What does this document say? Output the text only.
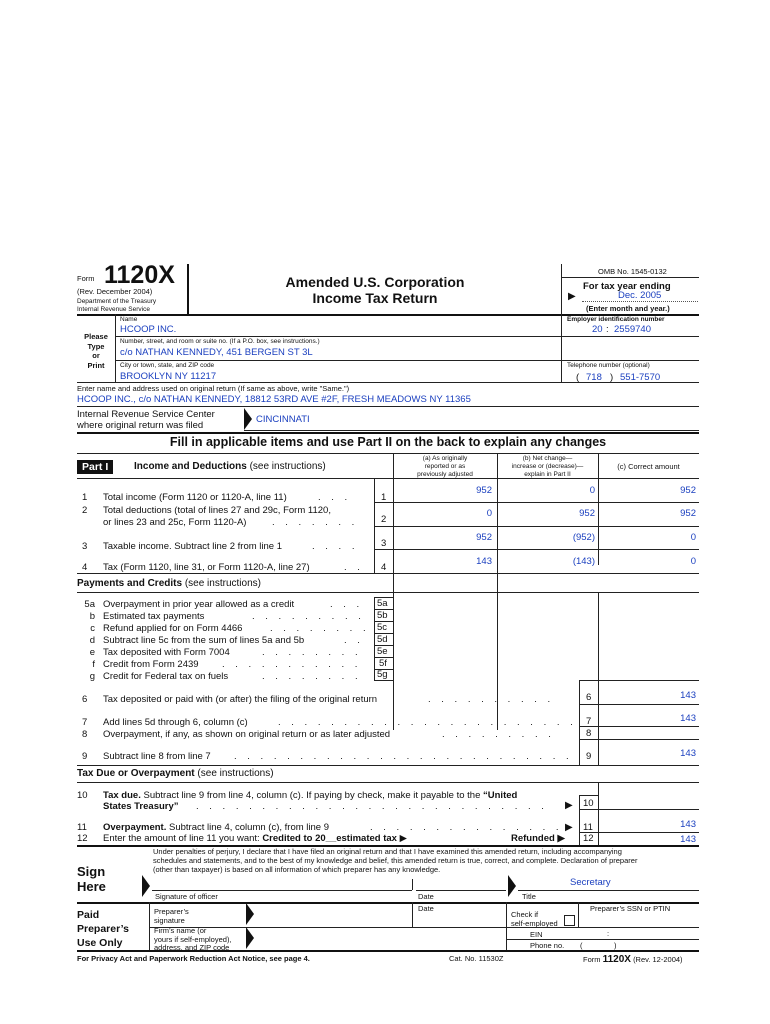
Form 1120X
(Rev. December 2004)
Department of the Treasury
Internal Revenue Service
Amended U.S. Corporation
Income Tax Return
OMB No. 1545-0132
For tax year ending
▶	Dec. 2005
(Enter month and year.)
Please
Type
or
Print
Name
HCOOP INC.
Employer identification number
20 : 2559740
Number, street, and room or suite no. (If a P.O. box, see instructions.)
c/o NATHAN KENNEDY, 451 BERGEN ST 3L
City or town, state, and ZIP code
BROOKLYN NY 11217
Telephone number (optional)
( 718 ) 551-7570
Enter name and address used on original return (If same as above, write "Same.")
HCOOP INC., c/o NATHAN KENNEDY, 18812 53RD AVE #2F, FRESH MEADOWS NY 11365
Internal Revenue Service Center
where original return was filed
CINCINNATI
Fill in applicable items and use Part II on the back to explain any changes
Part I	Income and Deductions (see instructions)
(a) As originally
reported or as
previously adjusted
(b) Net change—
increase or (decrease)—
explain in Part II
(c) Correct amount
1 Total income (Form 1120 or 1120-A, line 11)	. . .	1
952	0	952
2 Total deductions (total of lines 27 and 29c, Form 1120,
or lines 23 and 25c, Form 1120-A)	. . . . . . . 2
0	952	952
3 Taxable income. Subtract line 2 from line 1	. . . . 3
952	(952)	0
4 Tax (Form 1120, line 31, or Form 1120-A, line 27)	. . 4
143	(143)	0
Payments and Credits (see instructions)
5a Overpayment in prior year allowed as a credit	. . . 5a
b Estimated tax payments	. . . . . . . . . 5b
c Refund applied for on Form 4466	. . . . . . . . 5c
d Subtract line 5c from the sum of lines 5a and 5b	. . 5d
e Tax deposited with Form 7004	. . . . . . . . 5e
f Credit from Form 2439 . . . . . . . . . . . 5f
g Credit for Federal tax on fuels	. . . . . . . . 5g
6 Tax deposited or paid with (or after) the filing of the original return	. . . . . . . . . .	6	143
7 Add lines 5d through 6, column (c)	. . . . . . . . . . . . . . . . . . . . . . . 7	143
8 Overpayment, if any, as shown on original return or as later adjusted	. . . . . . . . .	8
9 Subtract line 8 from line 7 . . . . . . . . . . . . . . . . . . . . . . . . . . 9	143
Tax Due or Overpayment (see instructions)
10 Tax due. Subtract line 9 from line 4, column (c). If paying by check, make it payable to the “United
States Treasury” . . . . . . . . . . . . . . . . . . . . . . . . . . . ▶ 10
11 Overpayment. Subtract line 4, column (c), from line 9	. . . . . . . . . . . . . . . ▶ 11	143
12 Enter the amount of line 11 you want: Credited to 20__estimated tax ▶	Refunded ▶ 12	143
Under penalties of perjury, I declare that I have filed an original return and that I have examined this amended return, including accompanying
schedules and statements, and to the best of my knowledge and belief, this amended return is true, correct, and complete. Declaration of preparer
(other than taxpayer) is based on all information of which preparer has any knowledge.
Sign
Here	Secretary
Signature of officer	Date	Title
Paid
Preparer’s
Use Only
Preparer’s
signature
Date
Check if
self-employed
Preparer’s SSN or PTIN
Firm’s name (or
yours if self-employed),
address, and ZIP code
EIN	:
Phone no. (	)
For Privacy Act and Paperwork Reduction Act Notice, see page 4.	Cat. No. 11530Z	Form 1120X (Rev. 12-2004)
